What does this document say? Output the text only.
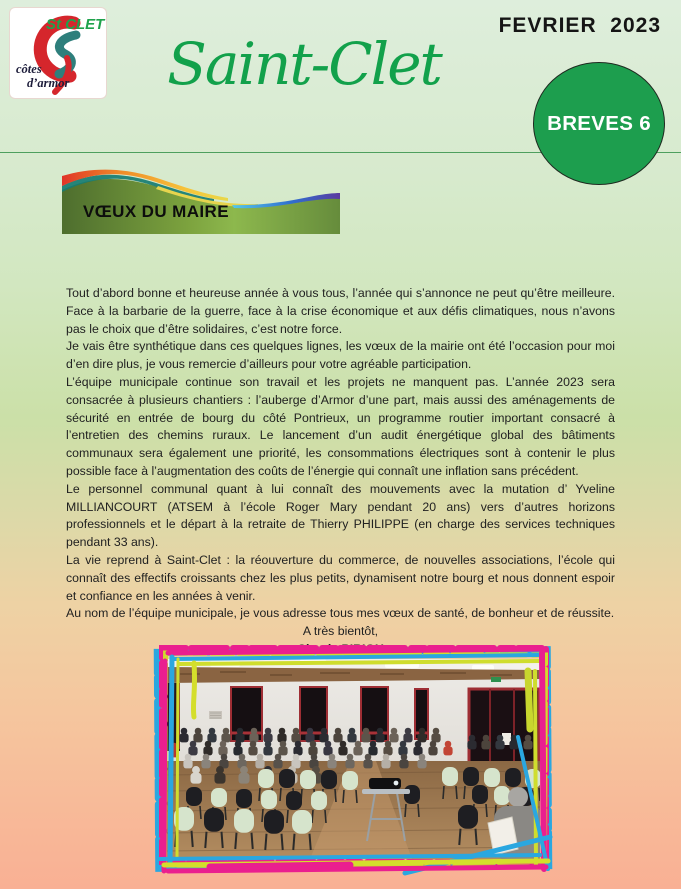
St CLET
côtes
d’armor	Saint-Clet
FEVRIER  2023
BREVES 6
VŒUX DU MAIRE

Tout d’abord bonne et heureuse année à vous tous, l’année qui s’annonce ne peut qu’être meilleure. Face à la barbarie de la guerre, face à la crise économique et aux défis climatiques, nous n’avons pas le choix que d’être solidaires, c’est notre force.

Je vais être synthétique dans ces quelques lignes, les vœux de la mairie ont été l’occasion pour moi d’en dire plus, je vous remercie d’ailleurs pour votre agréable participation.

L’équipe municipale continue son travail et les projets ne manquent pas. L’année 2023 sera consacrée à plusieurs chantiers : l’auberge d’Armor d’une part, mais aussi des aménagements de sécurité en entrée de bourg du côté Pontrieux, un programme routier important consacré à l’entretien des chemins ruraux. Le lancement d’un audit énergétique global des bâtiments communaux sera également une priorité, les consommations électriques sont à contenir le plus possible face à l’augmentation des coûts de l’énergie qui connaît une inflation sans précédent.

Le personnel communal quant à lui connaît des mouvements avec la mutation d’ Yveline MILLIANCOURT (ATSEM à l’école Roger Mary pendant 20 ans) vers d’autres horizons professionnels et le départ à la retraite de Thierry PHILIPPE (en charge des services techniques pendant 33 ans).

La vie reprend à Saint-Clet : la réouverture du commerce, de nouvelles associations, l’école qui connaît des effectifs croissants chez les plus petits, dynamisent notre bourg et nous donnent espoir et confiance en les années à venir.

Au nom de l’équipe municipale, je vous adresse tous mes vœux de santé, de bonheur et de réussite.

A très bientôt,

Claude PIRIOU
